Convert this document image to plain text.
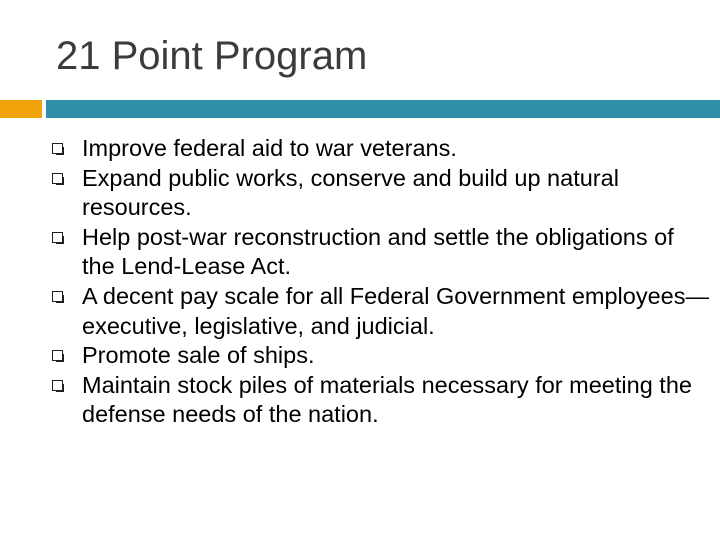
21 Point Program
Improve federal aid to war veterans.
Expand public works, conserve and build up natural resources.
Help post-war reconstruction and settle the obligations of the Lend-Lease Act.
A decent pay scale for all Federal Government employees—executive, legislative, and judicial.
Promote sale of ships.
Maintain stock piles of materials necessary for meeting the defense needs of the nation.
